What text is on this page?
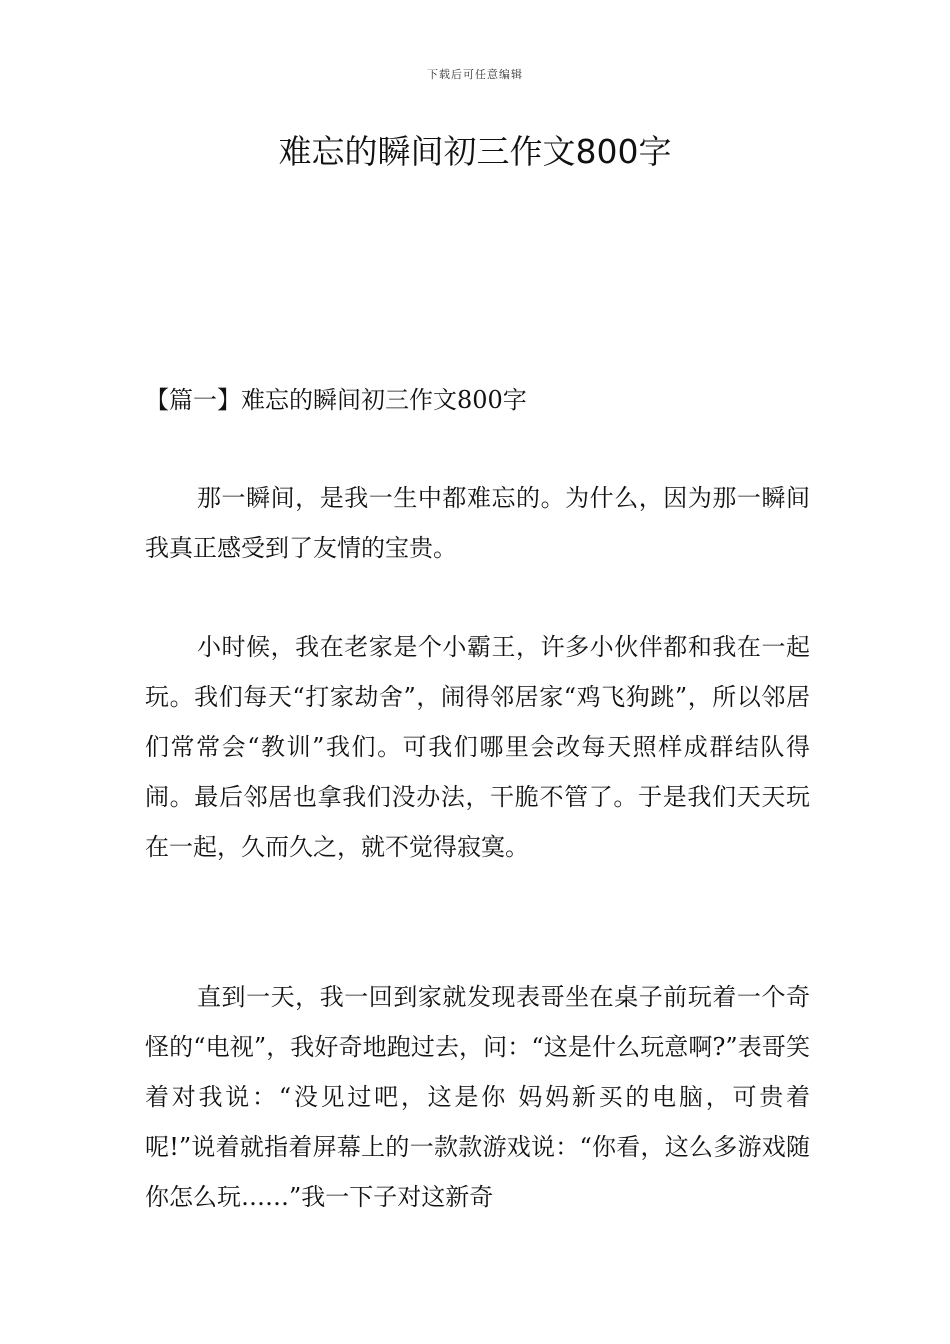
下载后可任意编辑
难忘的瞬间初三作文800字
【篇一】难忘的瞬间初三作文800字

那一瞬间，是我一生中都难忘的。为什么，因为那一瞬间我真正感受到了友情的宝贵。

小时候，我在老家是个小霸王，许多小伙伴都和我在一起玩。我们每天“打家劫舍”，闹得邻居家“鸡飞狗跳”，所以邻居们常常会“教训”我们。可我们哪里会改每天照样成群结队得闹。最后邻居也拿我们没办法，干脆不管了。于是我们天天玩在一起，久而久之，就不觉得寂寞。

直到一天，我一回到家就发现表哥坐在桌子前玩着一个奇怪的“电视”，我好奇地跑过去，问：“这是什么玩意啊?”表哥笑着对我说：“没见过吧，这是你 妈妈新买的电脑，可贵着呢!”说着就指着屏幕上的一款款游戏说：“你看，这么多游戏随你怎么玩……”我一下子对这新奇
